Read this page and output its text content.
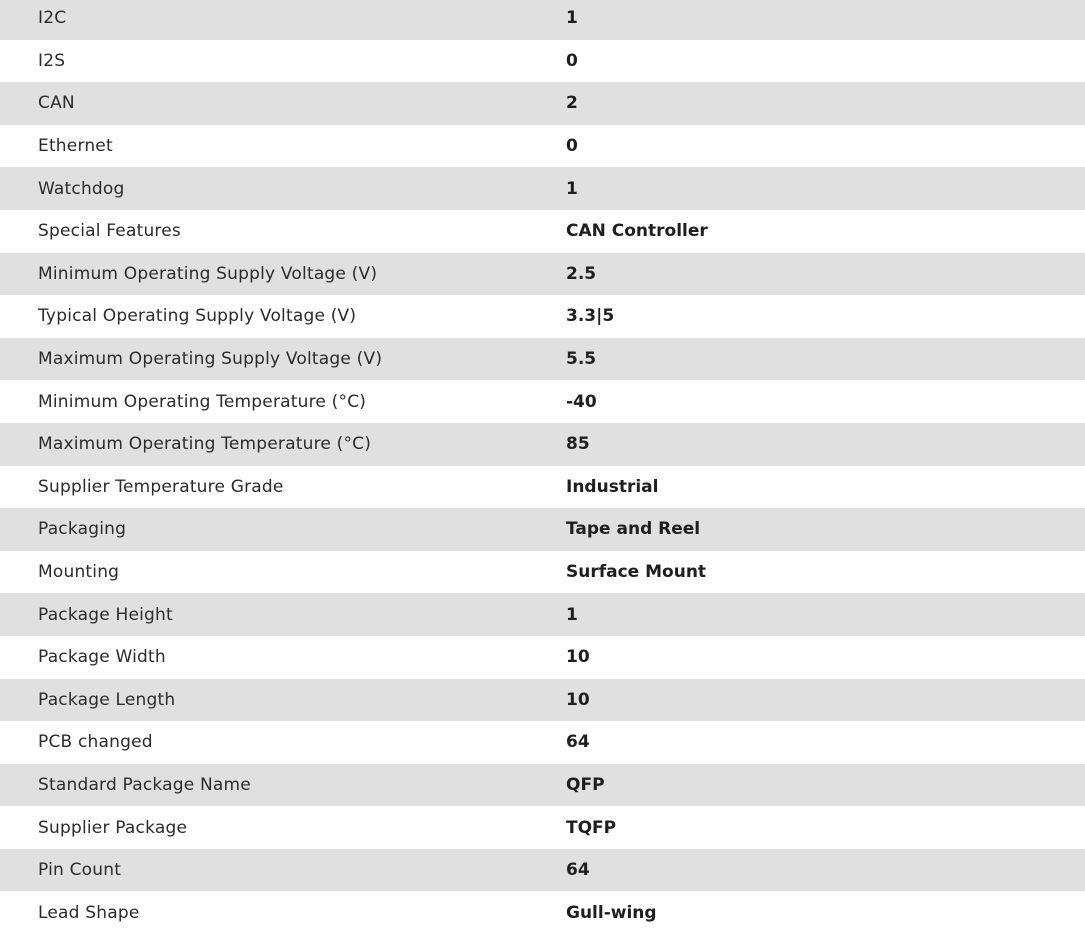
I2C	1
I2S	0
CAN	2
Ethernet	0
Watchdog	1
Special Features	CAN Controller
Minimum Operating Supply Voltage (V)	2.5
Typical Operating Supply Voltage (V)	3.3|5
Maximum Operating Supply Voltage (V)	5.5
Minimum Operating Temperature (°C)	-40
Maximum Operating Temperature (°C)	85
Supplier Temperature Grade	Industrial
Packaging	Tape and Reel
Mounting	Surface Mount
Package Height	1
Package Width	10
Package Length	10
PCB changed	64
Standard Package Name	QFP
Supplier Package	TQFP
Pin Count	64
Lead Shape	Gull-wing
